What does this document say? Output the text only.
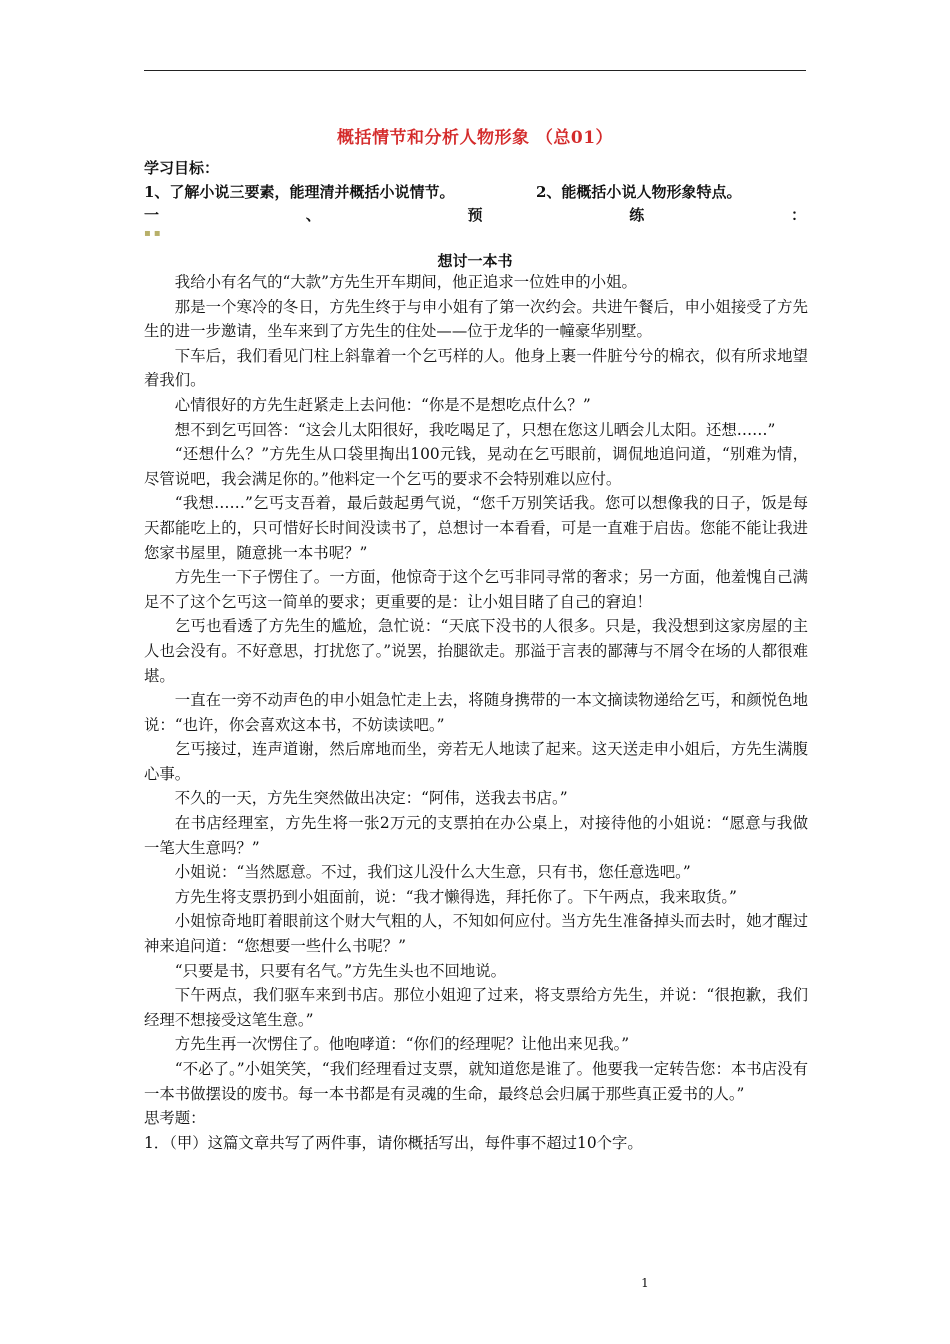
概括情节和分析人物形象 （总01）
学习目标：
1、了解小说三要素，能理清并概括小说情节。	2、能概括小说人物形象特点。
一	、	预	练	：
▪▪
想讨一本书

我给小有名气的“大款”方先生开车期间，他正追求一位姓申的小姐。

那是一个寒冷的冬日，方先生终于与申小姐有了第一次约会。共进午餐后，申小姐接受了方先生的进一步邀请，坐车来到了方先生的住处——位于龙华的一幢豪华别墅。

下车后，我们看见门柱上斜靠着一个乞丐样的人。他身上裹一件脏兮兮的棉衣，似有所求地望着我们。

心情很好的方先生赶紧走上去问他：“你是不是想吃点什么？”

想不到乞丐回答：“这会儿太阳很好，我吃喝足了，只想在您这儿晒会儿太阳。还想……”

“还想什么？”方先生从口袋里掏出100元钱，晃动在乞丐眼前，调侃地追问道，“别难为情，尽管说吧，我会满足你的。”他料定一个乞丐的要求不会特别难以应付。

“我想……”乞丐支吾着，最后鼓起勇气说，“您千万别笑话我。您可以想像我的日子，饭是每天都能吃上的，只可惜好长时间没读书了，总想讨一本看看，可是一直难于启齿。您能不能让我进您家书屋里，随意挑一本书呢？”

方先生一下子愣住了。一方面，他惊奇于这个乞丐非同寻常的奢求；另一方面，他羞愧自己满足不了这个乞丐这一简单的要求；更重要的是：让小姐目睹了自己的窘迫！

乞丐也看透了方先生的尴尬，急忙说：“天底下没书的人很多。只是，我没想到这家房屋的主人也会没有。不好意思，打扰您了。”说罢，抬腿欲走。那溢于言表的鄙薄与不屑令在场的人都很难堪。

一直在一旁不动声色的申小姐急忙走上去，将随身携带的一本文摘读物递给乞丐，和颜悦色地说：“也许，你会喜欢这本书，不妨读读吧。”

乞丐接过，连声道谢，然后席地而坐，旁若无人地读了起来。这天送走申小姐后，方先生满腹心事。

不久的一天，方先生突然做出决定：“阿伟，送我去书店。”

在书店经理室，方先生将一张2万元的支票拍在办公桌上，对接待他的小姐说：“愿意与我做一笔大生意吗？”

小姐说：“当然愿意。不过，我们这儿没什么大生意，只有书，您任意选吧。”

方先生将支票扔到小姐面前，说：“我才懒得选，拜托你了。下午两点，我来取货。”

小姐惊奇地盯着眼前这个财大气粗的人，不知如何应付。当方先生准备掉头而去时，她才醒过神来追问道：“您想要一些什么书呢？”

“只要是书，只要有名气。”方先生头也不回地说。

下午两点，我们驱车来到书店。那位小姐迎了过来，将支票给方先生，并说：“很抱歉，我们经理不想接受这笔生意。”

方先生再一次愣住了。他咆哮道：“你们的经理呢？让他出来见我。”

“不必了。”小姐笑笑，“我们经理看过支票，就知道您是谁了。他要我一定转告您：本书店没有一本书做摆设的废书。每一本书都是有灵魂的生命，最终总会归属于那些真正爱书的人。”

思考题：

1．（甲）这篇文章共写了两件事，请你概括写出，每件事不超过10个字。

1
